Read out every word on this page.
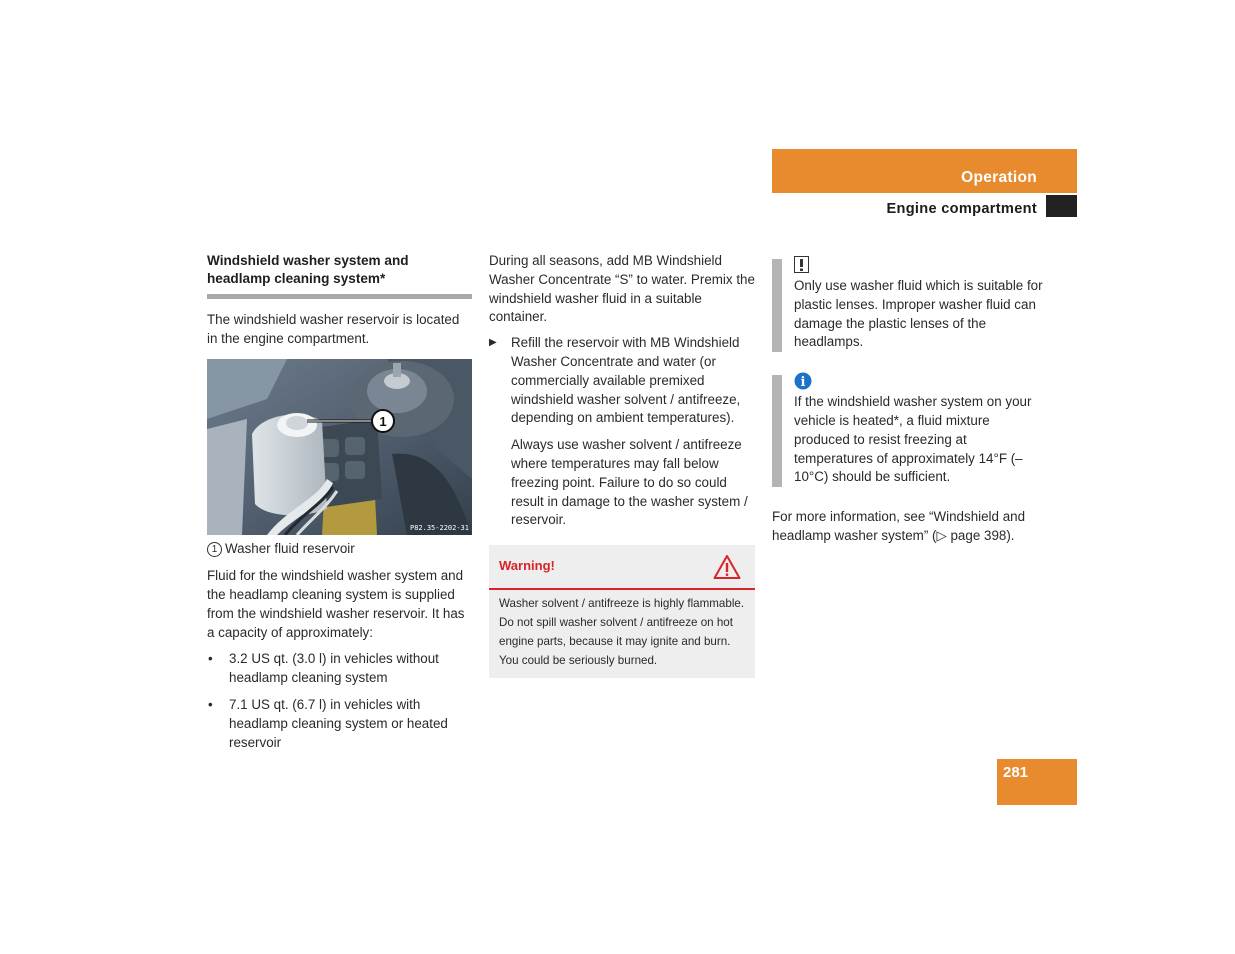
Operation
Engine compartment

Windshield washer system and headlamp cleaning system*

The windshield washer reservoir is located in the engine compartment.

1
P82.35-2202-31

1 Washer fluid reservoir

Fluid for the windshield washer system and the headlamp cleaning system is supplied from the windshield washer reservoir. It has a capacity of approximately:

• 3.2 US qt. (3.0 l) in vehicles without headlamp cleaning system
• 7.1 US qt. (6.7 l) in vehicles with headlamp cleaning system or heated reservoir

During all seasons, add MB Windshield Washer Concentrate “S” to water. Premix the windshield washer fluid in a suitable container.

▶ Refill the reservoir with MB Windshield Washer Concentrate and water (or commercially available premixed windshield washer solvent / antifreeze, depending on ambient temperatures).

Always use washer solvent / antifreeze where temperatures may fall below freezing point. Failure to do so could result in damage to the washer system / reservoir.

Warning!

Washer solvent / antifreeze is highly flammable. Do not spill washer solvent / antifreeze on hot engine parts, because it may ignite and burn. You could be seriously burned.

Only use washer fluid which is suitable for plastic lenses. Improper washer fluid can damage the plastic lenses of the headlamps.

i

If the windshield washer system on your vehicle is heated*, a fluid mixture produced to resist freezing at temperatures of approximately 14°F (–10°C) should be sufficient.

For more information, see “Windshield and headlamp washer system” (▷ page 398).

281
